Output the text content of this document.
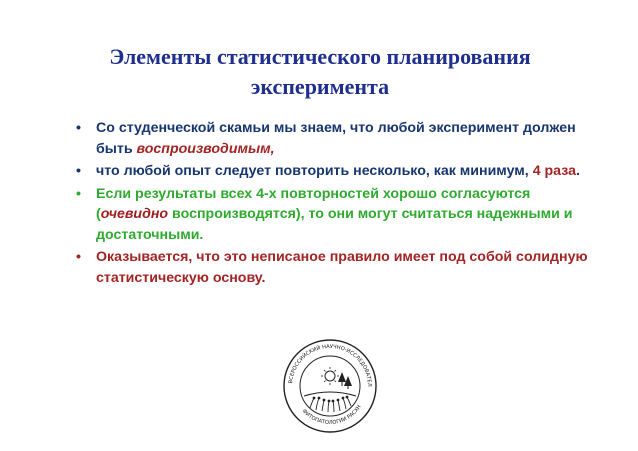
Элементы статистического планирования
эксперимента
• Со студенческой скамьи мы знаем, что любой эксперимент должен быть воспроизводимым,
• что любой опыт следует повторить несколько, как минимум, 4 раза.
• Если результаты всех 4-х повторностей хорошо согласуются (очевидно воспроизводятся), то они могут считаться надежными и достаточными.
• Оказывается, что это неписаное правило имеет под собой солидную статистическую основу.
ВСЕРОССИЙСКИЙ НАУЧНО-ИССЛЕДОВАТЕЛ
ФИТОПАТОЛОГИИ РАСХН
